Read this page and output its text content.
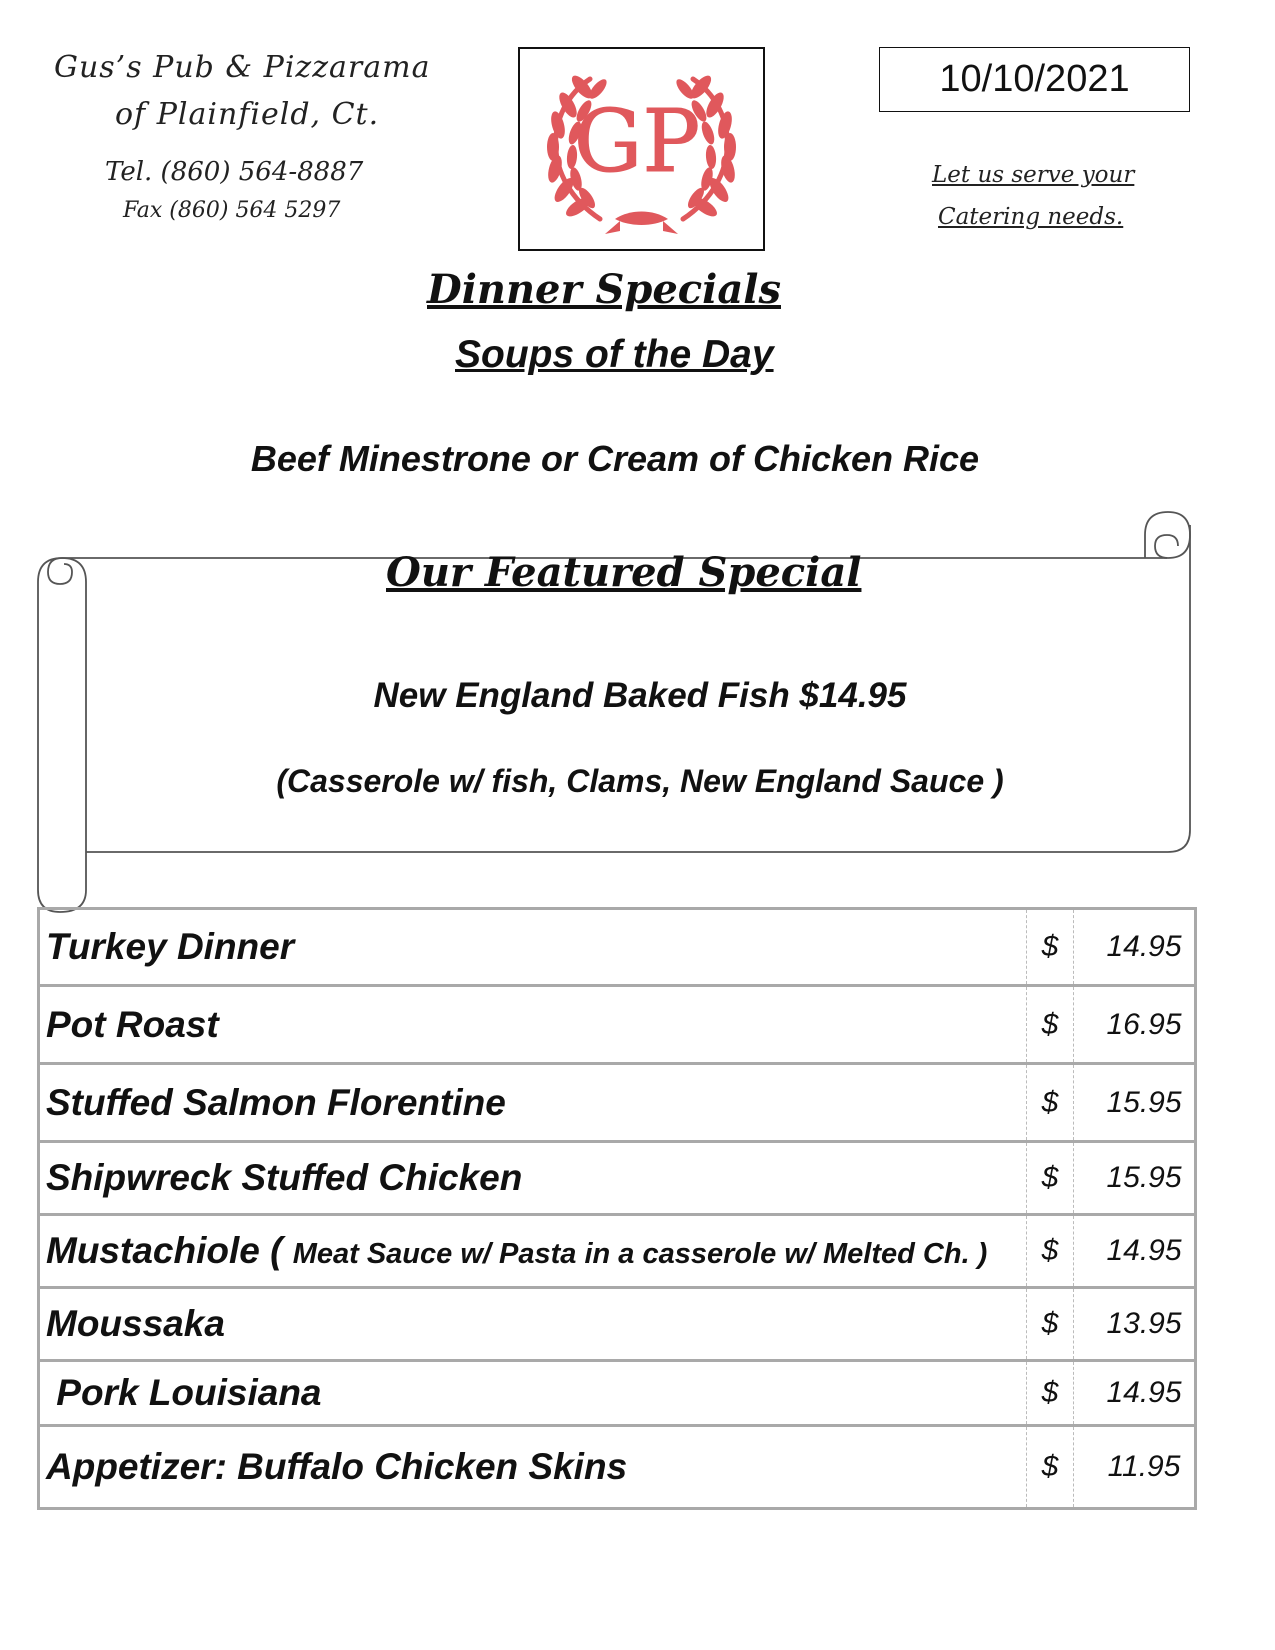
Gus’s Pub & Pizzarama
of Plainfield, Ct.
Tel. (860) 564-8887
Fax (860) 564 5297
GP
10/10/2021
Let us serve your
Catering needs.
Dinner Specials
Soups of the Day
Beef Minestrone or Cream of Chicken Rice
Our Featured Special
New England Baked Fish $14.95
(Casserole w/ fish, Clams, New England Sauce )
Turkey Dinner	$	14.95
Pot Roast	$	16.95
Stuffed Salmon Florentine	$	15.95
Shipwreck Stuffed Chicken	$	15.95
Mustachiole ( Meat Sauce w/ Pasta in a casserole w/ Melted Ch. )	$	14.95
Moussaka	$	13.95
Pork Louisiana	$	14.95
Appetizer: Buffalo Chicken Skins	$	11.95
